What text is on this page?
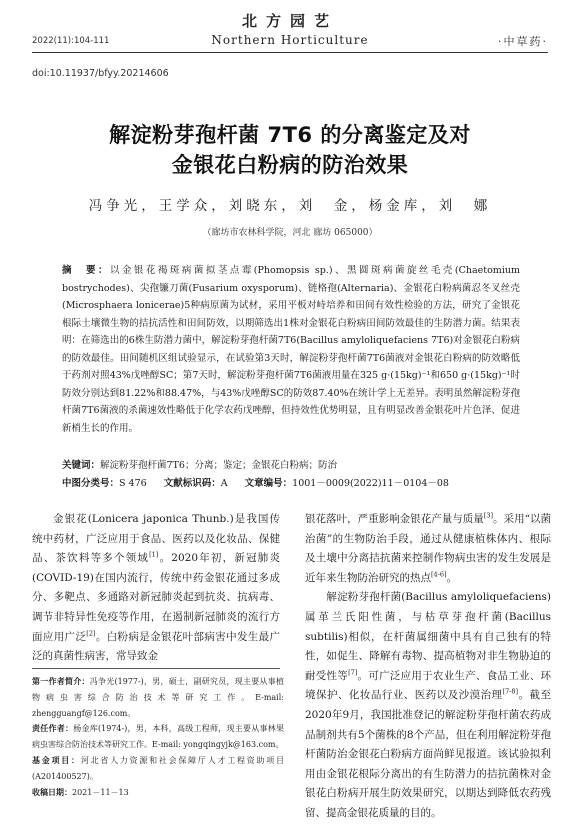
北方园艺
2022(11):104-111	Northern Horticulture	·中草药·
doi:10.11937/bfyy.20214606
解淀粉芽孢杆菌 7T6 的分离鉴定及对
金银花白粉病的防治效果
冯争光，王学众，刘晓东，刘　金，杨金库，刘　娜
（廊坊市农林科学院，河北 廊坊 065000）
摘　要：以金银花褐斑病菌拟茎点霉(Phomopsis sp.)、黑圆斑病菌旋丝毛壳(Chaetomium bostrychodes)、尖孢镰刀菌(Fusarium oxysporum)、链格孢(Alternaria)、金银花白粉病菌忍冬叉丝壳(Microsphaera lonicerae)5种病原菌为试材，采用平板对峙培养和田间有效性检验的方法，研究了金银花根际土壤微生物的拮抗活性和田间防效，以期筛选出1株对金银花白粉病田间防效最佳的生防潜力菌。结果表明：在筛选出的6株生防潜力菌中，解淀粉芽孢杆菌7T6(Bacillus amyloliquefaciens 7T6)对金银花白粉病的防效最佳。田间随机区组试验显示，在试验第3天时，解淀粉芽孢杆菌7T6菌液对金银花白粉病的防效略低于药剂对照43%戊唑醇SC；第7天时，解淀粉芽孢杆菌7T6菌液用量在325 g·(15kg)⁻¹和650 g·(15kg)⁻¹时防效分别达到81.22%和88.47%，与43%戊唑醇SC的防效87.40%在统计学上无差异。表明虽然解淀粉芽孢杆菌7T6菌液的杀菌速效性略低于化学农药戊唑醇，但持效性优势明显，且有明显改善金银花叶片色泽、促进新梢生长的作用。
关键词：解淀粉芽孢杆菌7T6；分离；鉴定；金银花白粉病；防治
中图分类号：S 476 文献标识码：A 文章编号：1001－0009(2022)11－0104－08
金银花(Lonicera japonica Thunb.)是我国传统中药材，广泛应用于食品、医药以及化妆品、保健品、茶饮料等多个领域[1]。2020年初，新冠肺炎(COVID-19)在国内流行，传统中药金银花通过多成分、多靶点、多通路对新冠肺炎起到抗炎、抗病毒、调节非特异性免疫等作用，在遏制新冠肺炎的流行方面应用广泛[2]。白粉病是金银花叶部病害中发生最广泛的真菌性病害，常导致金
第一作者简介：冯争光(1977-)，男，硕士，副研究员，现主要从事植物病虫害综合防治技术等研究工作。E-mail: zhengguangf@126.com。
责任作者：杨金库(1974-)，男，本科，高级工程师，现主要从事林果病虫害综合防治技术等研究工作。E-mail: yongqingyjk@163.com。
基金项目：河北省人力资源和社会保障厅人才工程资助项目(A201400527)。
收稿日期：2021－11－13
银花落叶，严重影响金银花产量与质量[3]。采用“以菌治菌”的生物防治手段，通过从健康植株体内、根际及土壤中分离拮抗菌来控制作物病虫害的发生发展是近年来生物防治研究的热点[4-6]。
　　解淀粉芽孢杆菌(Bacillus amyloliquefaciens)属革兰氏阳性菌，与枯草芽孢杆菌(Bacillus subtilis)相似，在杆菌属细菌中具有自己独有的特性，如促生、降解有毒物、提高植物对非生物胁迫的耐受性等[7]。可广泛应用于农业生产、食品工业、环境保护、化妆品行业、医药以及沙漠治理[7-8]。截至2020年9月，我国批准登记的解淀粉芽孢杆菌农药成品制剂共有5个菌株的8个产品，但在利用解淀粉芽孢杆菌防治金银花白粉病方面尚鲜见报道。该试验拟利用由金银花根际分离出的有生防潜力的拮抗菌株对金银花白粉病开展生防效果研究，以期达到降低农药残留、提高金银花质量的目的。
